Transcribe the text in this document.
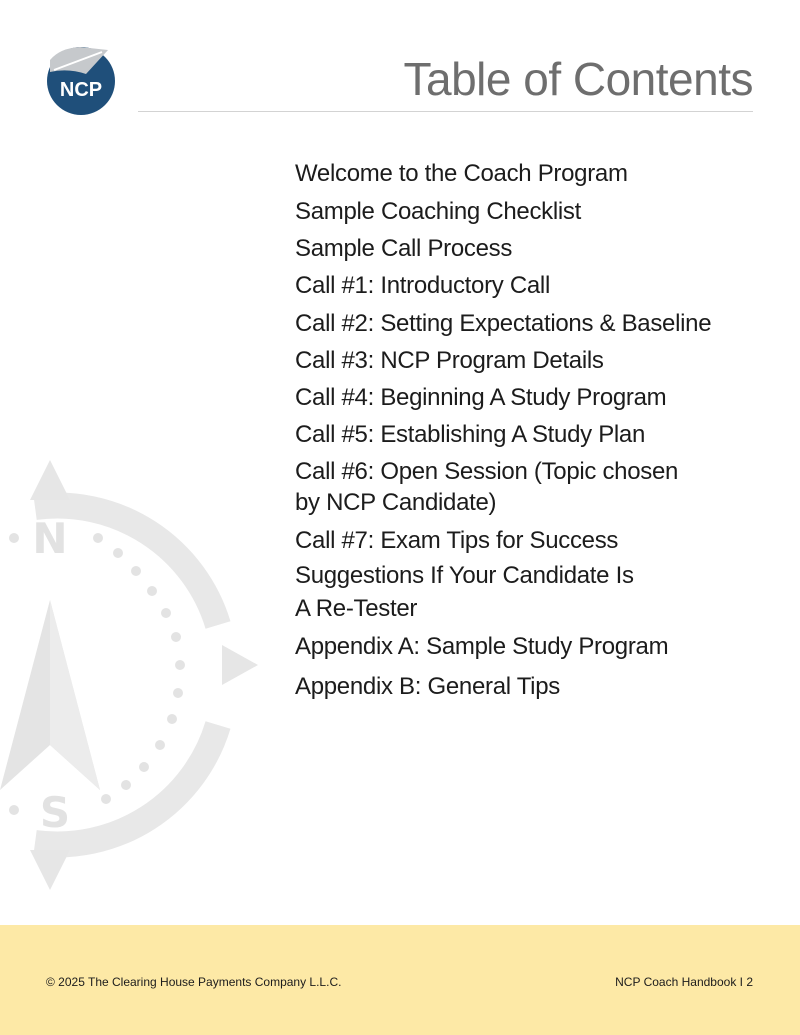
NCP	Table of Contents
N
S
Welcome to the Coach Program
Sample Coaching Checklist
Sample Call Process
Call #1: Introductory Call
Call #2: Setting Expectations & Baseline
Call #3: NCP Program Details
Call #4: Beginning A Study Program
Call #5: Establishing A Study Plan
Call #6: Open Session (Topic chosen
by NCP Candidate)
Call #7: Exam Tips for Success
Suggestions If Your Candidate Is
A Re-Tester
Appendix A: Sample Study Program
Appendix B: General Tips
© 2025 The Clearing House Payments Company L.L.C.	NCP Coach Handbook I 2
